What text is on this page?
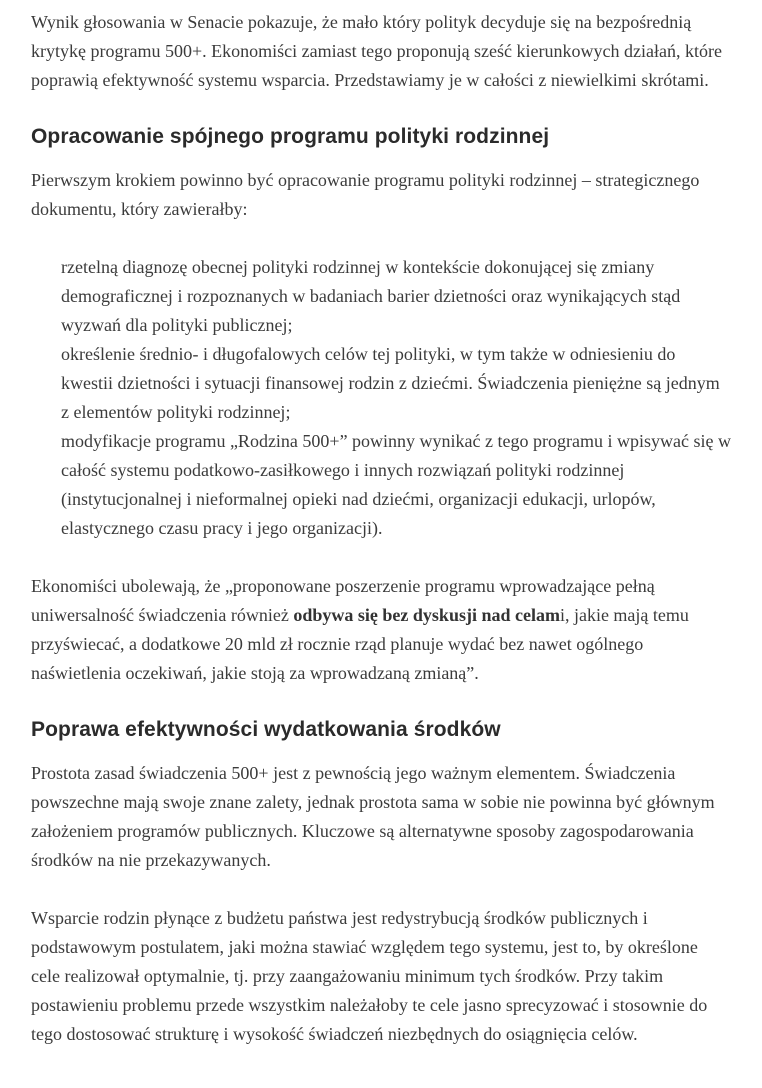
Wynik głosowania w Senacie pokazuje, że mało który polityk decyduje się na bezpośrednią krytykę programu 500+. Ekonomiści zamiast tego proponują sześć kierunkowych działań, które poprawią efektywność systemu wsparcia. Przedstawiamy je w całości z niewielkimi skrótami.

Opracowanie spójnego programu polityki rodzinnej

Pierwszym krokiem powinno być opracowanie programu polityki rodzinnej – strategicznego dokumentu, który zawierałby:

rzetelną diagnozę obecnej polityki rodzinnej w kontekście dokonującej się zmiany demograficznej i rozpoznanych w badaniach barier dzietności oraz wynikających stąd wyzwań dla polityki publicznej;
określenie średnio- i długofalowych celów tej polityki, w tym także w odniesieniu do kwestii dzietności i sytuacji finansowej rodzin z dziećmi. Świadczenia pieniężne są jednym z elementów polityki rodzinnej;
modyfikacje programu „Rodzina 500+” powinny wynikać z tego programu i wpisywać się w całość systemu podatkowo-zasiłkowego i innych rozwiązań polityki rodzinnej (instytucjonalnej i nieformalnej opieki nad dziećmi, organizacji edukacji, urlopów, elastycznego czasu pracy i jego organizacji).

Ekonomiści ubolewają, że „proponowane poszerzenie programu wprowadzające pełną uniwersalność świadczenia również odbywa się bez dyskusji nad celami, jakie mają temu przyświecać, a dodatkowe 20 mld zł rocznie rząd planuje wydać bez nawet ogólnego naświetlenia oczekiwań, jakie stoją za wprowadzaną zmianą”.

Poprawa efektywności wydatkowania środków

Prostota zasad świadczenia 500+ jest z pewnością jego ważnym elementem. Świadczenia powszechne mają swoje znane zalety, jednak prostota sama w sobie nie powinna być głównym założeniem programów publicznych. Kluczowe są alternatywne sposoby zagospodarowania środków na nie przekazywanych.

Wsparcie rodzin płynące z budżetu państwa jest redystrybucją środków publicznych i podstawowym postulatem, jaki można stawiać względem tego systemu, jest to, by określone cele realizował optymalnie, tj. przy zaangażowaniu minimum tych środków. Przy takim postawieniu problemu przede wszystkim należałoby te cele jasno sprecyzować i stosownie do tego dostosować strukturę i wysokość świadczeń niezbędnych do osiągnięcia celów.
